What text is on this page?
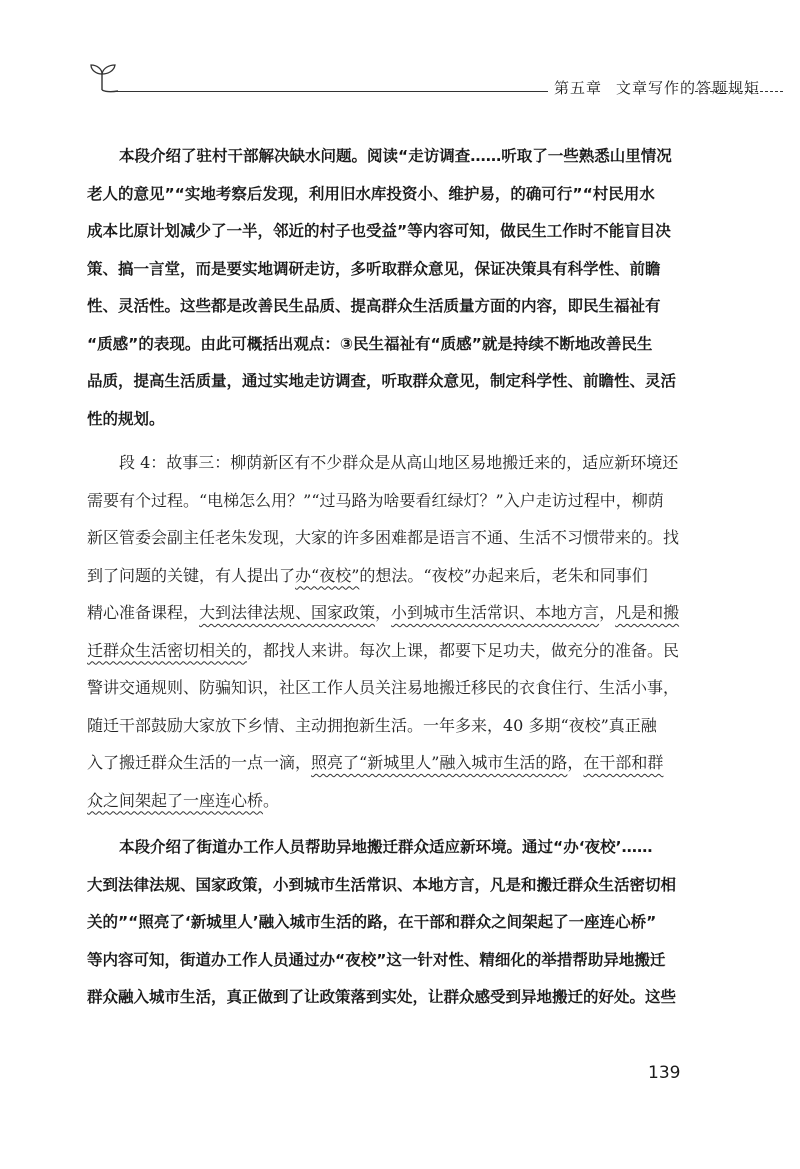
第五章 文章写作的答题规矩
本段介绍了驻村干部解决缺水问题。阅读“走访调查……听取了一些熟悉山里情况
老人的意见”“实地考察后发现，利用旧水库投资小、维护易，的确可行”“村民用水
成本比原计划减少了一半，邻近的村子也受益”等内容可知，做民生工作时不能盲目决
策、搞一言堂，而是要实地调研走访，多听取群众意见，保证决策具有科学性、前瞻
性、灵活性。这些都是改善民生品质、提高群众生活质量方面的内容，即民生福祉有
“质感”的表现。由此可概括出观点：③民生福祉有“质感”就是持续不断地改善民生
品质，提高生活质量，通过实地走访调查，听取群众意见，制定科学性、前瞻性、灵活
性的规划。
段 4：故事三：柳荫新区有不少群众是从高山地区易地搬迁来的，适应新环境还
需要有个过程。“电梯怎么用？”“过马路为啥要看红绿灯？”入户走访过程中，柳荫
新区管委会副主任老朱发现，大家的许多困难都是语言不通、生活不习惯带来的。找
到了问题的关键，有人提出了办“夜校”的想法。“夜校”办起来后，老朱和同事们
精心准备课程，大到法律法规、国家政策，小到城市生活常识、本地方言，凡是和搬
迁群众生活密切相关的，都找人来讲。每次上课，都要下足功夫，做充分的准备。民
警讲交通规则、防骗知识，社区工作人员关注易地搬迁移民的衣食住行、生活小事，
随迁干部鼓励大家放下乡情、主动拥抱新生活。一年多来，40 多期“夜校”真正融
入了搬迁群众生活的一点一滴，照亮了“新城里人”融入城市生活的路，在干部和群
众之间架起了一座连心桥。
本段介绍了街道办工作人员帮助异地搬迁群众适应新环境。通过“办‘夜校’……
大到法律法规、国家政策，小到城市生活常识、本地方言，凡是和搬迁群众生活密切相
关的”“照亮了‘新城里人’融入城市生活的路，在干部和群众之间架起了一座连心桥”
等内容可知，街道办工作人员通过办“夜校”这一针对性、精细化的举措帮助异地搬迁
群众融入城市生活，真正做到了让政策落到实处，让群众感受到异地搬迁的好处。这些
139
